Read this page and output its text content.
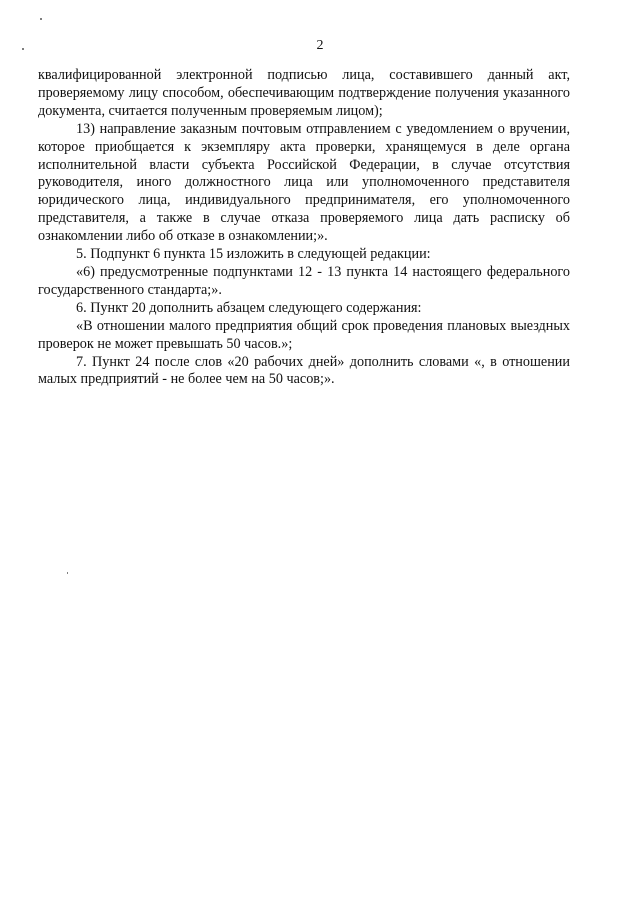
2

квалифицированной электронной подписью лица, составившего данный акт, проверяемому лицу способом, обеспечивающим подтверждение получения указанного документа, считается полученным проверяемым лицом);

13) направление заказным почтовым отправлением с уведомлением о вручении, которое приобщается к экземпляру акта проверки, хранящемуся в деле органа исполнительной власти субъекта Российской Федерации, в случае отсутствия руководителя, иного должностного лица или уполномоченного представителя юридического лица, индивидуального предпринимателя, его уполномоченного представителя, а также в случае отказа проверяемого лица дать расписку об ознакомлении либо об отказе в ознакомлении;».

5. Подпункт 6 пункта 15 изложить в следующей редакции:

«6) предусмотренные подпунктами 12 - 13 пункта 14 настоящего федерального государственного стандарта;».

6. Пункт 20 дополнить абзацем следующего содержания:

«В отношении малого предприятия общий срок проведения плановых выездных проверок не может превышать 50 часов.»;

7. Пункт 24 после слов «20 рабочих дней» дополнить словами «, в отношении малых предприятий - не более чем на 50 часов;».
